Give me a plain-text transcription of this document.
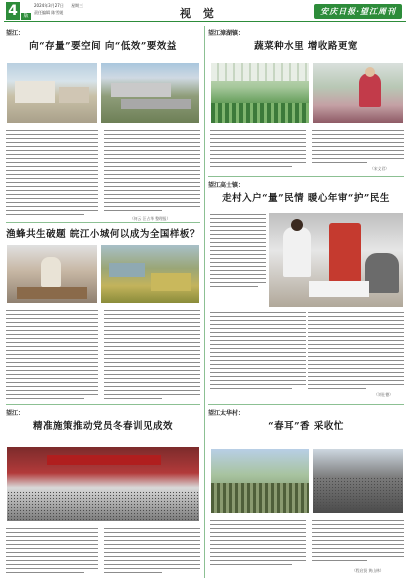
4	版
2024年3月27日 星期三
责任编辑 陈雪媛	视 觉	安庆日报·望江周刊
望江：
向“存量”要空间 向“低效”要效益
（何云 汪占华 整理报）
望江漳湖镇：
蔬菜种水里 增收路更宽
（宋义君）
渔蜂共生破题 皖江小城何以成为全国样板？
望江高士镇：
走村入户“量”民情 暖心年审“护”民生
（刘仕德）
望江：
精准施策推动党员冬春训见成效
望江太华村：
“春耳”香 采收忙
（程启贤 黄山林）
